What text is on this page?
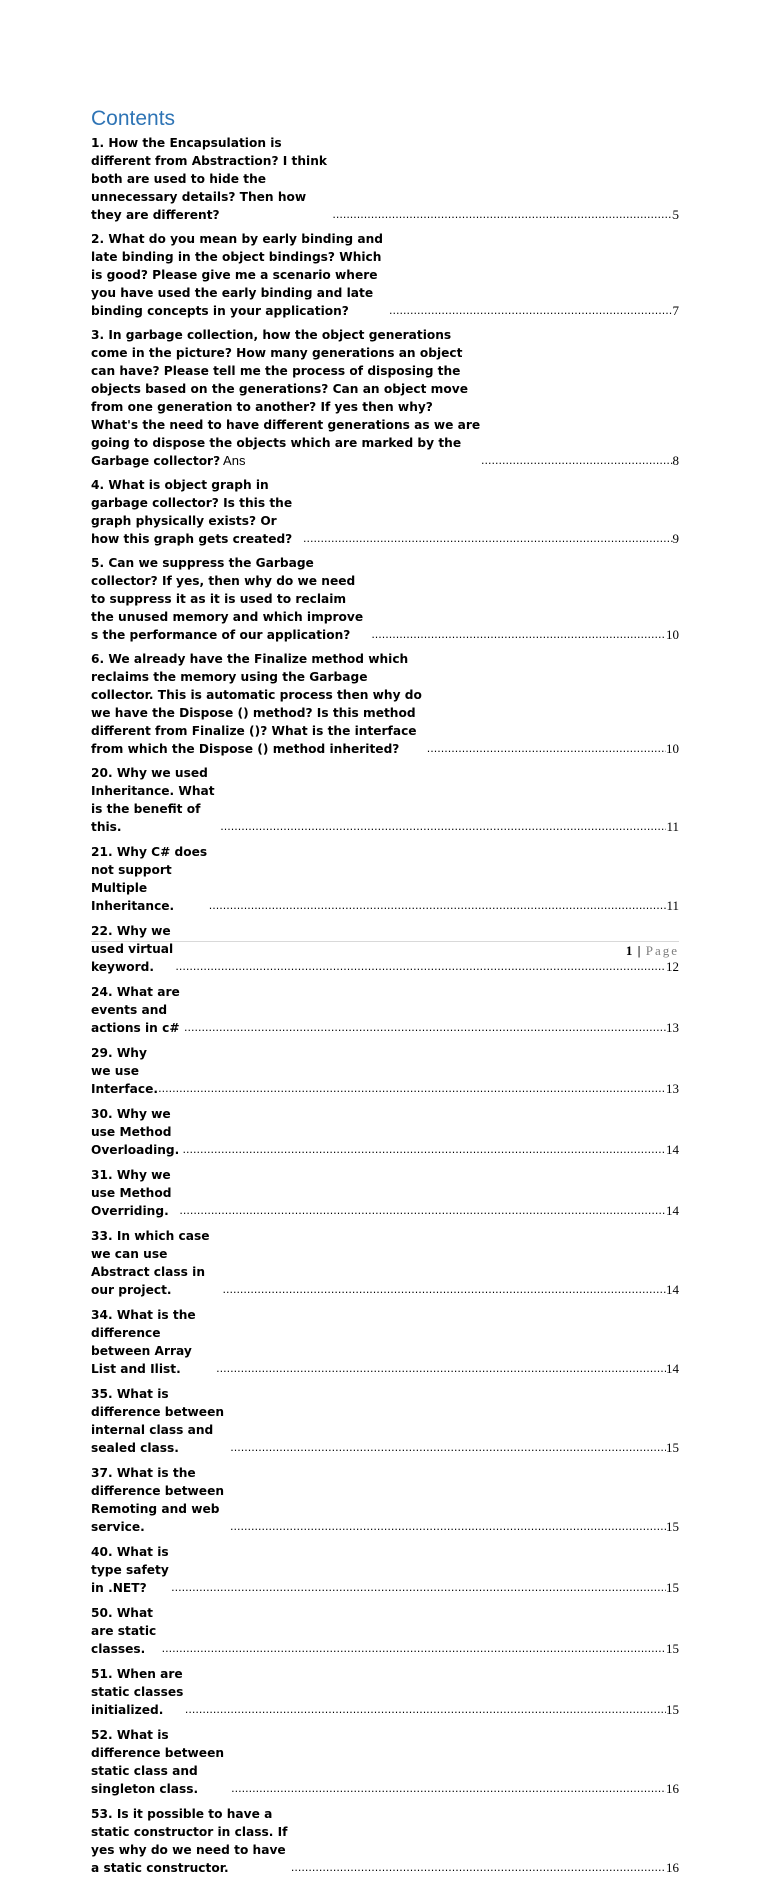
Contents
1. How the Encapsulation is different from Abstraction? I think both are used to hide the unnecessary details? Then how they are different? .....	5
2. What do you mean by early binding and late binding in the object bindings? Which is good? Please give me a scenario where you have used the early binding and late binding concepts in your application? .....	7
3. In garbage collection, how the object generations come in the picture? How many generations an object can have? Please tell me the process of disposing the objects based on the generations? Can an object move from one generation to another? If yes then why? What's the need to have different generations as we are going to dispose the objects which are marked by the Garbage collector? Ans .....	8
4. What is object graph in garbage collector? Is this the graph physically exists? Or how this graph gets created? .....	9
5. Can we suppress the Garbage collector? If yes, then why do we need to suppress it as it is used to reclaim the unused memory and which improve s the performance of our application? .....	10
6. We already have the Finalize method which reclaims the memory using the Garbage collector. This is automatic process then why do we have the Dispose () method? Is this method different from Finalize ()? What is the interface from which the Dispose () method inherited? .....	10
20. Why we used Inheritance. What is the benefit of this. .....	11
21. Why C# does not support Multiple Inheritance. .....	11
22. Why we used virtual keyword. .....	12
24. What are events and actions in c# .....	13
29. Why we use Interface. .....	13
30. Why we use Method Overloading. .....	14
31. Why we use Method Overriding. .....	14
33. In which case we can use Abstract class in our project. .....	14
34. What is the difference between Array List and Ilist. .....	14
35. What is difference between internal class and sealed class. .....	15
37. What is the difference between Remoting and web service. .....	15
40. What is type safety in .NET? .....	15
50. What are static classes. .....	15
51. When are static classes initialized. .....	15
52. What is difference between static class and singleton class. .....	16
53. Is it possible to have a static constructor in class. If yes why do we need to have a static constructor. .....	16
1 | Page
